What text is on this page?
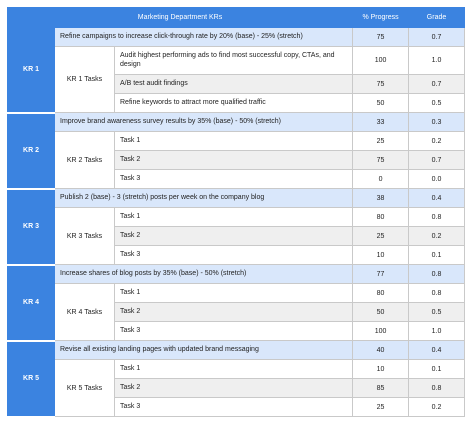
Marketing Department KRs			% Progress	Grade
KR 1	Refine campaigns to increase click-through rate by 20% (base) - 25% (stretch)		75	0.7
	KR 1 Tasks	Audit highest performing ads to find most successful copy, CTAs, and design	100	1.0
		A/B test audit findings	75	0.7
		Refine keywords to attract more qualified traffic	50	0.5
KR 2	Improve brand awareness survey results by 35% (base) - 50% (stretch)		33	0.3
	KR 2 Tasks	Task 1	25	0.2
		Task 2	75	0.7
		Task 3	0	0.0
KR 3	Publish 2 (base) - 3 (stretch) posts per week on the company blog		38	0.4
	KR 3 Tasks	Task 1	80	0.8
		Task 2	25	0.2
		Task 3	10	0.1
KR 4	Increase shares of blog posts by 35% (base) - 50% (stretch)		77	0.8
	KR 4 Tasks	Task 1	80	0.8
		Task 2	50	0.5
		Task 3	100	1.0
KR 5	Revise all existing landing pages with updated brand messaging		40	0.4
	KR 5 Tasks	Task 1	10	0.1
		Task 2	85	0.8
		Task 3	25	0.2
